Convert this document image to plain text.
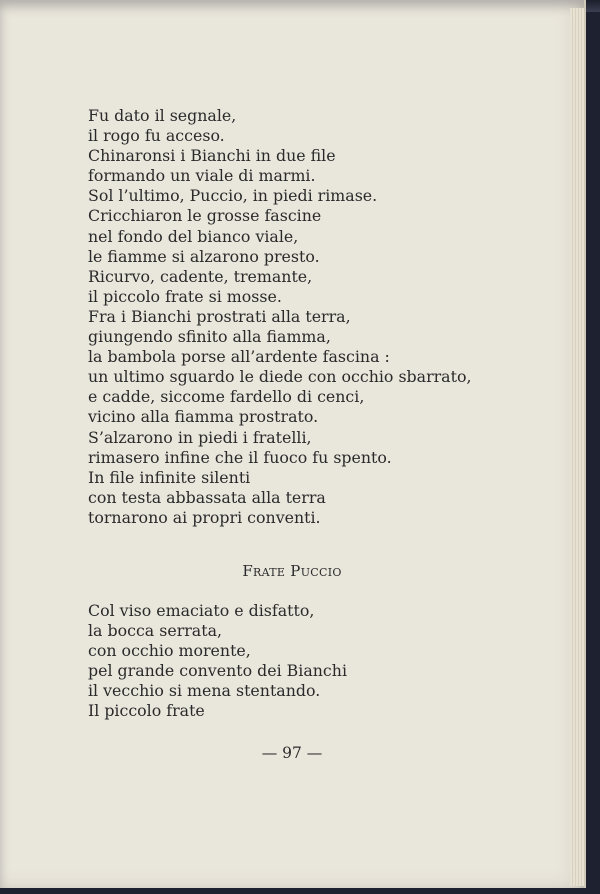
Fu dato il segnale,
il rogo fu acceso.
Chinaronsi i Bianchi in due file
formando un viale di marmi.
Sol l’ultimo, Puccio, in piedi rimase.
Cricchiaron le grosse fascine
nel fondo del bianco viale,
le fiamme si alzarono presto.
Ricurvo, cadente, tremante,
il piccolo frate si mosse.
Fra i Bianchi prostrati alla terra,
giungendo sfinito alla fiamma,
la bambola porse all’ardente fascina :
un ultimo sguardo le diede con occhio sbarrato,
e cadde, siccome fardello di cenci,
vicino alla fiamma prostrato.
S’alzarono in piedi i fratelli,
rimasero infine che il fuoco fu spento.
In file infinite silenti
con testa abbassata alla terra
tornarono ai propri conventi.
Frate Puccio
Col viso emaciato e disfatto,
la bocca serrata,
con occhio morente,
pel grande convento dei Bianchi
il vecchio si mena stentando.
Il piccolo frate
— 97 —
